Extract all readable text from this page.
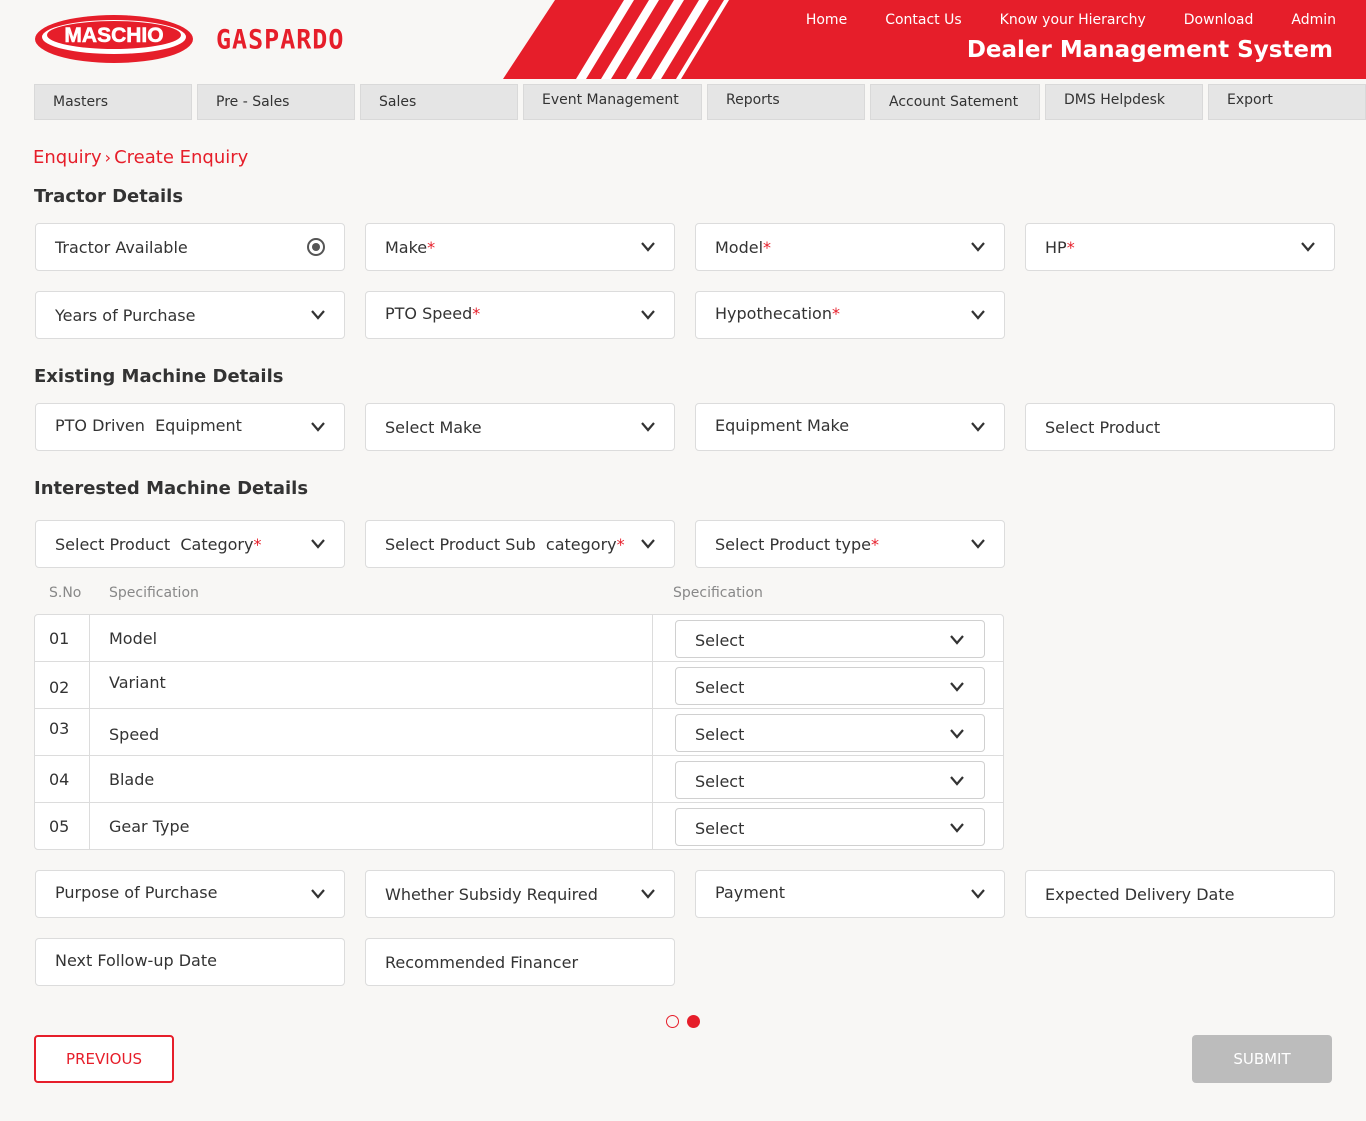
MASCHIO GASPARDO
Home	Contact Us	Know your Hierarchy	Download	Admin
Dealer Management System
Masters	Pre - Sales	Sales	Event Management	Reports	Account Satement	DMS Helpdesk	Export
Enquiry › Create Enquiry
Tractor Details
Tractor Available	Make*	Model*	HP*
Years of Purchase	PTO Speed*	Hypothecation*
Existing Machine Details
PTO Driven  Equipment	Select Make	Equipment Make	Select Product
Interested Machine Details
Select Product  Category*	Select Product Sub  category*	Select Product type*
S.No Specification	Specification
01 Model	Select
02 Variant	Select
03 Speed	Select
04 Blade	Select
05 Gear Type	Select
Purpose of Purchase	Whether Subsidy Required	Payment	Expected Delivery Date
Next Follow-up Date	Recommended Financer
PREVIOUS	SUBMIT
